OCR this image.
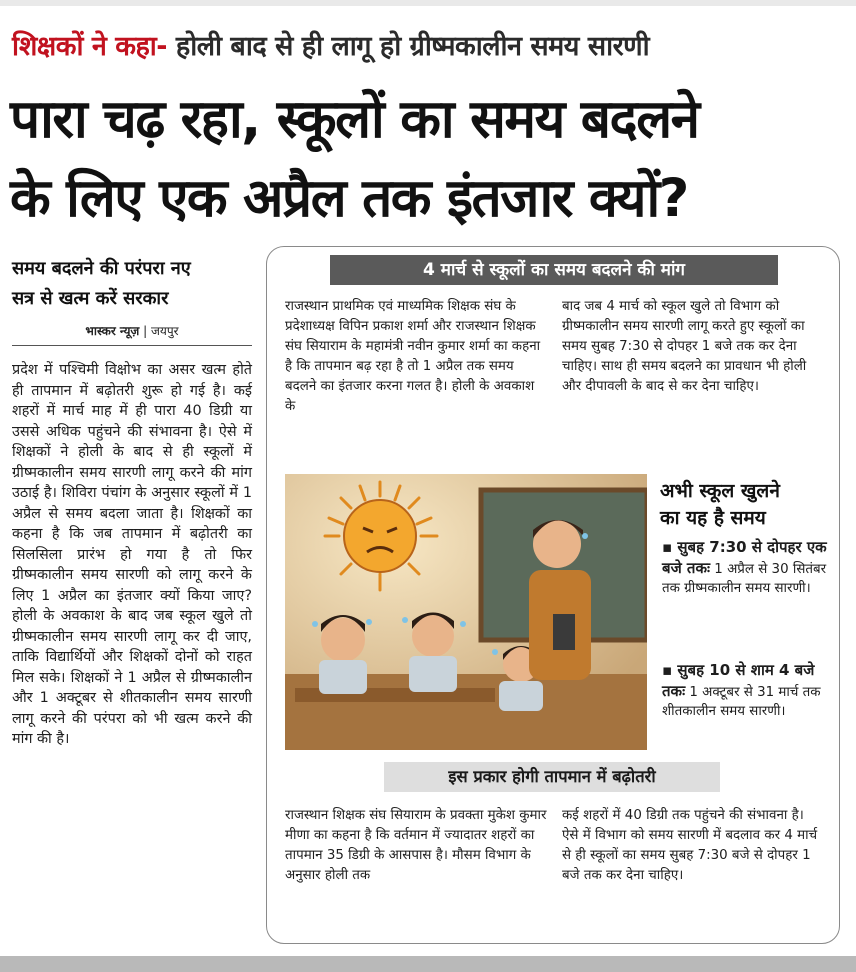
शिक्षकों ने कहा- होली बाद से ही लागू हो ग्रीष्मकालीन समय सारणी
पारा चढ़ रहा, स्कूलों का समय बदलने
के लिए एक अप्रैल तक इंतजार क्यों?
समय बदलने की परंपरा नए
सत्र से खत्म करें सरकार
भास्कर न्यूज़ | जयपुर

प्रदेश में पश्चिमी विक्षोभ का असर खत्म होते ही तापमान में बढ़ोतरी शुरू हो गई है। कई शहरों में मार्च माह में ही पारा 40 डिग्री या उससे अधिक पहुंचने की संभावना है। ऐसे में शिक्षकों ने होली के बाद से ही स्कूलों में ग्रीष्मकालीन समय सारणी लागू करने की मांग उठाई है। शिविरा पंचांग के अनुसार स्कूलों में 1 अप्रैल से समय बदला जाता है। शिक्षकों का कहना है कि जब तापमान में बढ़ोतरी का सिलसिला प्रारंभ हो गया है तो फिर ग्रीष्मकालीन समय सारणी को लागू करने के लिए 1 अप्रैल का इंतजार क्यों किया जाए? होली के अवकाश के बाद जब स्कूल खुले तो ग्रीष्मकालीन समय सारणी लागू कर दी जाए, ताकि विद्यार्थियों और शिक्षकों दोनों को राहत मिल सके। शिक्षकों ने 1 अप्रैल से ग्रीष्मकालीन और 1 अक्टूबर से शीतकालीन समय सारणी लागू करने की परंपरा को भी खत्म करने की मांग की है।

4 मार्च से स्कूलों का समय बदलने की मांग

राजस्थान प्राथमिक एवं माध्यमिक शिक्षक संघ के प्रदेशाध्यक्ष विपिन प्रकाश शर्मा और राजस्थान शिक्षक संघ सियाराम के महामंत्री नवीन कुमार शर्मा का कहना है कि तापमान बढ़ रहा है तो 1 अप्रैल तक समय बदलने का इंतजार करना गलत है। होली के अवकाश के

बाद जब 4 मार्च को स्कूल खुले तो विभाग को ग्रीष्मकालीन समय सारणी लागू करते हुए स्कूलों का समय सुबह 7:30 से दोपहर 1 बजे तक कर देना चाहिए। साथ ही समय बदलने का प्रावधान भी होली और दीपावली के बाद से कर देना चाहिए।

अभी स्कूल खुलने
का यह है समय
▪ सुबह 7:30 से दोपहर एक बजे तकः 1 अप्रैल से 30 सितंबर तक ग्रीष्मकालीन समय सारणी।
▪ सुबह 10 से शाम 4 बजे तकः 1 अक्टूबर से 31 मार्च तक शीतकालीन समय सारणी।
इस प्रकार होगी तापमान में बढ़ोतरी

राजस्थान शिक्षक संघ सियाराम के प्रवक्ता मुकेश कुमार मीणा का कहना है कि वर्तमान में ज्यादातर शहरों का तापमान 35 डिग्री के आसपास है। मौसम विभाग के अनुसार होली तक

कई शहरों में 40 डिग्री तक पहुंचने की संभावना है। ऐसे में विभाग को समय सारणी में बदलाव कर 4 मार्च से ही स्कूलों का समय सुबह 7:30 बजे से दोपहर 1 बजे तक कर देना चाहिए।
